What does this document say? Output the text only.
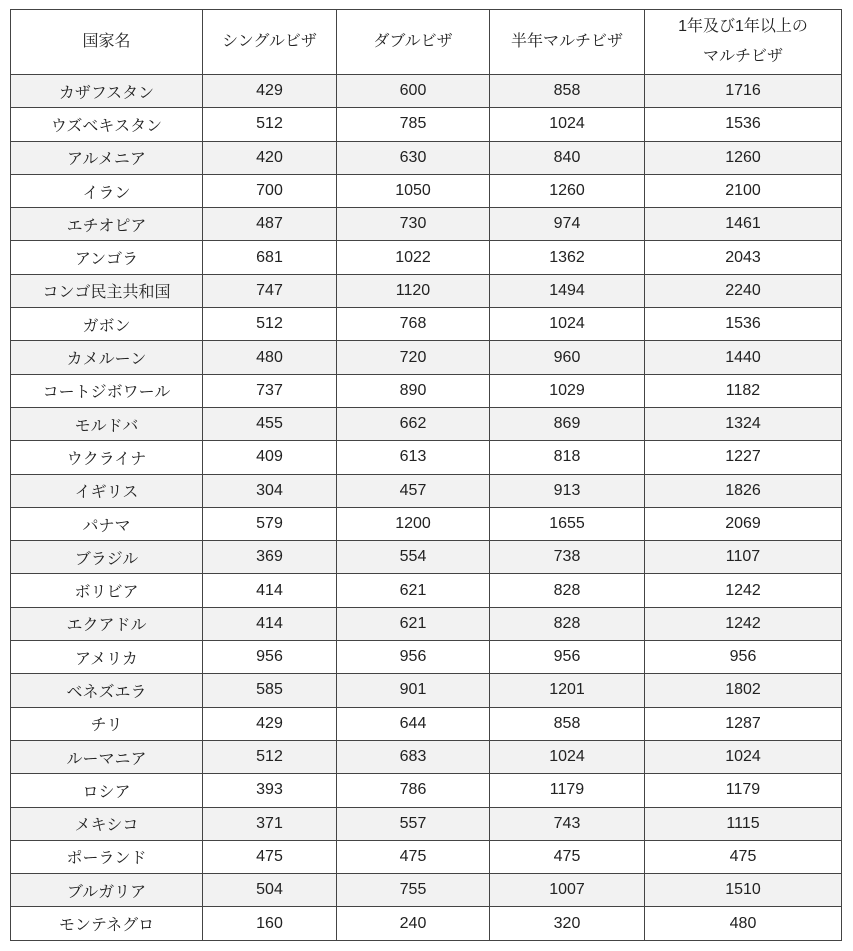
国家名	シングルビザ	ダブルビザ	半年マルチビザ	1年及び1年以上の
マルチビザ
カザフスタン	429	600	858	1716
ウズベキスタン	512	785	1024	1536
アルメニア	420	630	840	1260
イラン	700	1050	1260	2100
エチオピア	487	730	974	1461
アンゴラ	681	1022	1362	2043
コンゴ民主共和国	747	1120	1494	2240
ガボン	512	768	1024	1536
カメルーン	480	720	960	1440
コートジボワール	737	890	1029	1182
モルドバ	455	662	869	1324
ウクライナ	409	613	818	1227
イギリス	304	457	913	1826
パナマ	579	1200	1655	2069
ブラジル	369	554	738	1107
ボリビア	414	621	828	1242
エクアドル	414	621	828	1242
アメリカ	956	956	956	956
ベネズエラ	585	901	1201	1802
チリ	429	644	858	1287
ルーマニア	512	683	1024	1024
ロシア	393	786	1179	1179
メキシコ	371	557	743	1115
ポーランド	475	475	475	475
ブルガリア	504	755	1007	1510
モンテネグロ	160	240	320	480
